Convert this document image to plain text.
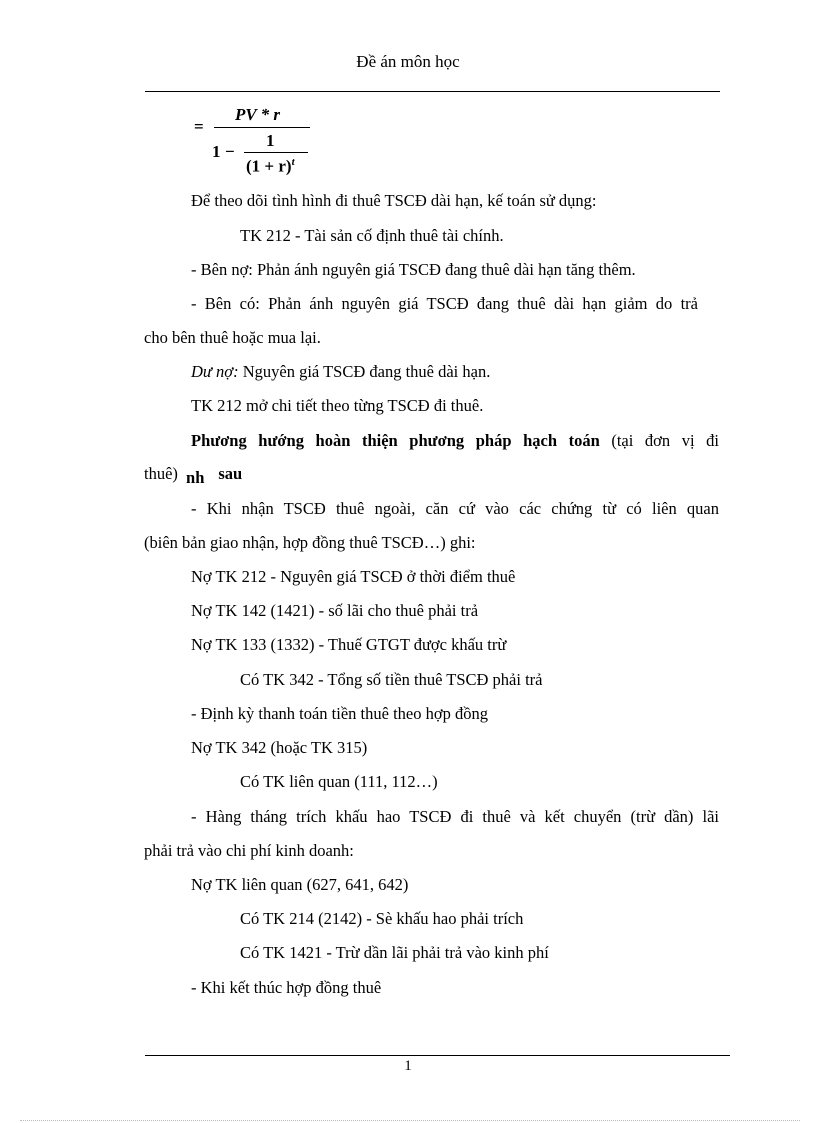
Đề án môn học
=
PV * r
1 −
1
$(1 + r)^t$
Để theo dõi tình hình đi thuê TSCĐ dài hạn, kế toán sử dụng:
TK 212 - Tài sản cố định thuê tài chính.
- Bên nợ: Phản ánh nguyên giá TSCĐ đang thuê dài hạn tăng thêm.
- Bên có: Phản ánh nguyên giá TSCĐ đang thuê dài hạn giảm do trả
cho bên thuê hoặc mua lại.
Dư nợ: Nguyên giá TSCĐ đang thuê dài hạn.
TK 212 mở chi tiết theo từng TSCĐ đi thuê.
Phương hướng hoàn thiện phương pháp hạch toán (tại đơn vị đi
thuê) nh sau
- Khi nhận TSCĐ thuê ngoài, căn cứ vào các chứng từ có liên quan
(biên bản giao nhận, hợp đồng thuê TSCĐ…) ghi:
Nợ TK 212 - Nguyên giá TSCĐ ở thời điểm thuê
Nợ TK 142 (1421) - số lãi cho thuê phải trả
Nợ TK 133 (1332) - Thuế GTGT được khấu trừ
Có TK 342 - Tổng số tiền thuê TSCĐ phải trả
- Định kỳ thanh toán tiền thuê theo hợp đồng
Nợ TK 342 (hoặc TK 315)
Có TK liên quan (111, 112…)
- Hàng tháng trích khấu hao TSCĐ đi thuê và kết chuyển (trừ dần) lãi
phải trả vào chi phí kinh doanh:
Nợ TK liên quan (627, 641, 642)
Có TK 214 (2142) - Sè khấu hao phải trích
Có TK 1421 - Trừ dần lãi phải trả vào kinh phí
- Khi kết thúc hợp đồng thuê
1
